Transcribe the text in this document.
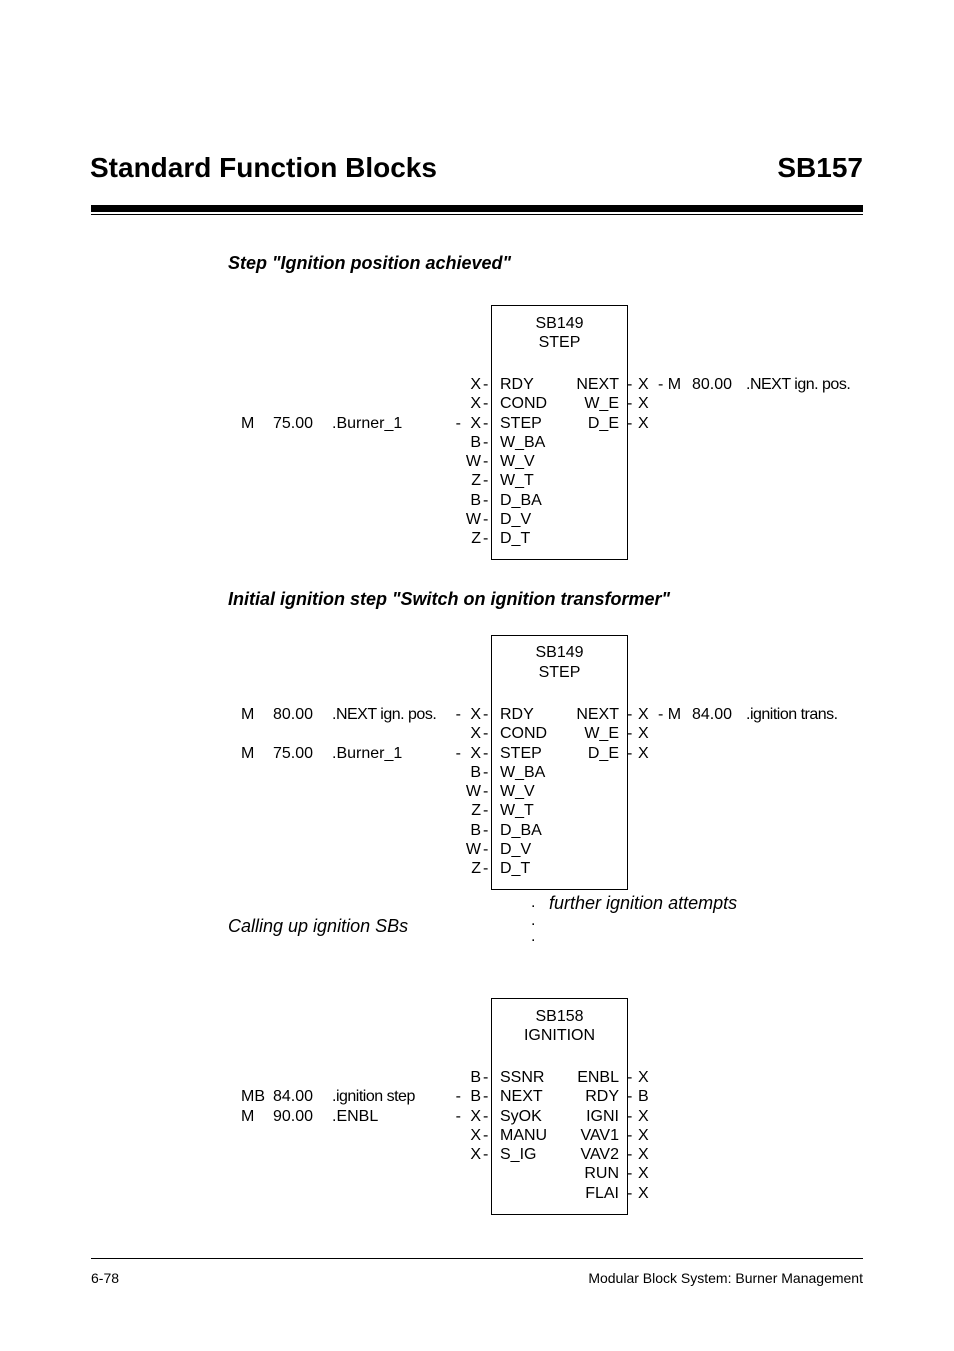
Standard Function Blocks	SB157
Step "Ignition position achieved"
SB149
STEP
X RDY	NEXT X - M 80.00 .NEXT ign. pos.
-	-
X COND	W_E X
-	-
M	75.00	.Burner_1	- X STEP	D_E X
-	-
B W_BA
-
W W_V
-
Z W_T
-
B D_BA
-
W D_V
-
Z D_T
-
Initial ignition step "Switch on ignition transformer"
SB149
STEP
M	80.00	.NEXT ign. pos.	- X RDY	NEXT X - M 84.00 .ignition trans.
-	-
X COND	W_E X
-	-
M	75.00	.Burner_1	- X STEP	D_E X
-	-
B W_BA
-
W W_V
-
Z W_T
-
B D_BA
-
W D_V
-
Z D_T
-
.
.
.
further ignition attempts
Calling up ignition SBs
SB158
IGNITION
B SSNR	ENBL X
-	-
MB 84.00	.ignition step	- B NEXT	RDY B
-	-
M	90.00	.ENBL	- X SyOK	IGNI X
-	-
X MANU	VAV1 X
-	-
X S_IG	VAV2 X
-	-
RUN X
-
FLAI X
-
6-78	Modular Block System: Burner Management
